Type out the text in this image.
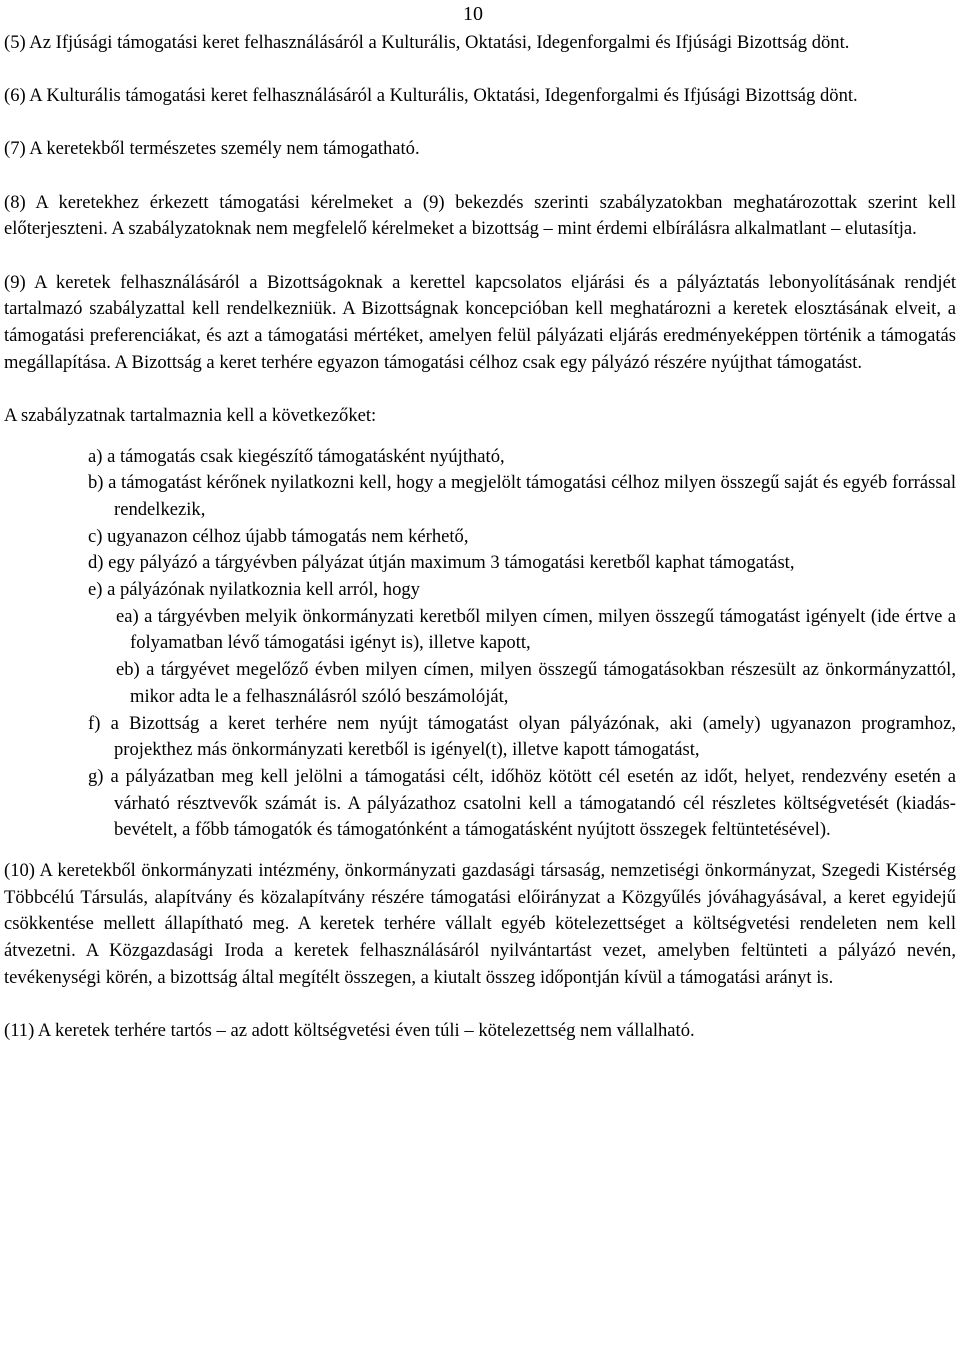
10

(5) Az Ifjúsági támogatási keret felhasználásáról a Kulturális, Oktatási, Idegenforgalmi és Ifjúsági Bizottság dönt.

(6) A Kulturális támogatási keret felhasználásáról a Kulturális, Oktatási, Idegenforgalmi és Ifjúsági Bizottság dönt.

(7) A keretekből természetes személy nem támogatható.

(8) A keretekhez érkezett támogatási kérelmeket a (9) bekezdés szerinti szabályzatokban meghatározottak szerint kell előterjeszteni. A szabályzatoknak nem megfelelő kérelmeket a bizottság – mint érdemi elbírálásra alkalmatlant – elutasítja.

(9) A keretek felhasználásáról a Bizottságoknak a kerettel kapcsolatos eljárási és a pályáztatás lebonyolításának rendjét tartalmazó szabályzattal kell rendelkezniük. A Bizottságnak koncepcióban kell meghatározni a keretek elosztásának elveit, a támogatási preferenciákat, és azt a támogatási mértéket, amelyen felül pályázati eljárás eredményeképpen történik a támogatás megállapítása. A Bizottság a keret terhére egyazon támogatási célhoz csak egy pályázó részére nyújthat támogatást.

A szabályzatnak tartalmaznia kell a következőket:

a) a támogatás csak kiegészítő támogatásként nyújtható,
b) a támogatást kérőnek nyilatkozni kell, hogy a megjelölt támogatási célhoz milyen összegű saját és egyéb forrással rendelkezik,
c) ugyanazon célhoz újabb támogatás nem kérhető,
d) egy pályázó a tárgyévben pályázat útján maximum 3 támogatási keretből kaphat támogatást,
e) a pályázónak nyilatkoznia kell arról, hogy
ea) a tárgyévben melyik önkormányzati keretből milyen címen, milyen összegű támogatást igényelt (ide értve a folyamatban lévő támogatási igényt is), illetve kapott,
eb) a tárgyévet megelőző évben milyen címen, milyen összegű támogatásokban részesült az önkormányzattól, mikor adta le a felhasználásról szóló beszámolóját,
f) a Bizottság a keret terhére nem nyújt támogatást olyan pályázónak, aki (amely) ugyanazon programhoz, projekthez más önkormányzati keretből is igényel(t), illetve kapott támogatást,
g) a pályázatban meg kell jelölni a támogatási célt, időhöz kötött cél esetén az időt, helyet, rendezvény esetén a várható résztvevők számát is. A pályázathoz csatolni kell a támogatandó cél részletes költségvetését (kiadás-bevételt, a főbb támogatók és támogatónként a támogatásként nyújtott összegek feltüntetésével).

(10) A keretekből önkormányzati intézmény, önkormányzati gazdasági társaság, nemzetiségi önkormányzat, Szegedi Kistérség Többcélú Társulás, alapítvány és közalapítvány részére támogatási előirányzat a Közgyűlés jóváhagyásával, a keret egyidejű csökkentése mellett állapítható meg. A keretek terhére vállalt egyéb kötelezettséget a költségvetési rendeleten nem kell átvezetni. A Közgazdasági Iroda a keretek felhasználásáról nyilvántartást vezet, amelyben feltünteti a pályázó nevén, tevékenységi körén, a bizottság által megítélt összegen, a kiutalt összeg időpontján kívül a támogatási arányt is.

(11) A keretek terhére tartós – az adott költségvetési éven túli – kötelezettség nem vállalható.
